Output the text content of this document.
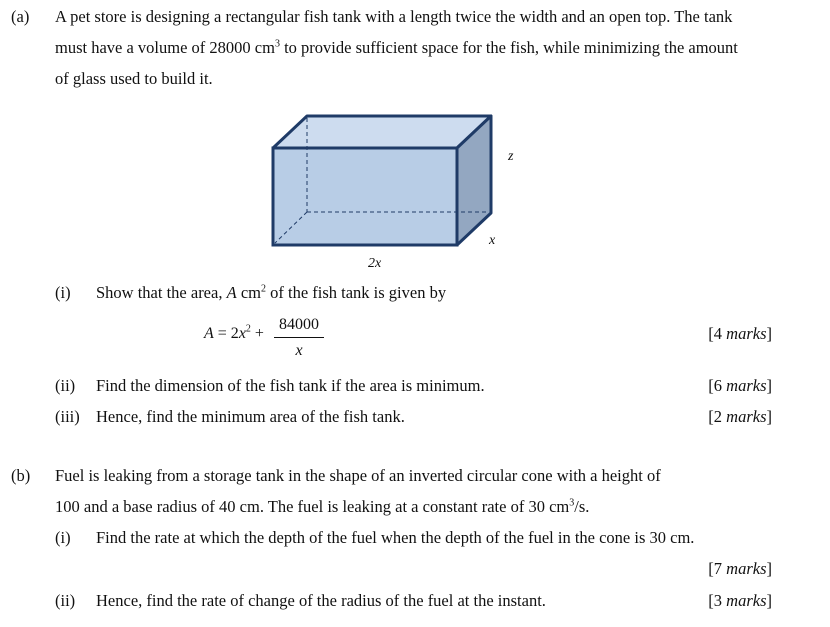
(a) A pet store is designing a rectangular fish tank with a length twice the width and an open top. The tank
must have a volume of 28000 $cm^3$ to provide sufficient space for the fish, while minimizing the amount
of glass used to build it.
z
x
2x
(i) Show that the area, A $cm^2$ of the fish tank is given by
$A = 2x^2$ +
84000
x
[4 marks]
(ii) Find the dimension of the fish tank if the area is minimum.	[6 marks]
(iii) Hence, find the minimum area of the fish tank.	[2 marks]
(b) Fuel is leaking from a storage tank in the shape of an inverted circular cone with a height of
100 and a base radius of 40 cm. The fuel is leaking at a constant rate of 30 $cm^3/s$.
(i) Find the rate at which the depth of the fuel when the depth of the fuel in the cone is 30 cm.
[7 marks]
(ii) Hence, find the rate of change of the radius of the fuel at the instant.	[3 marks]
